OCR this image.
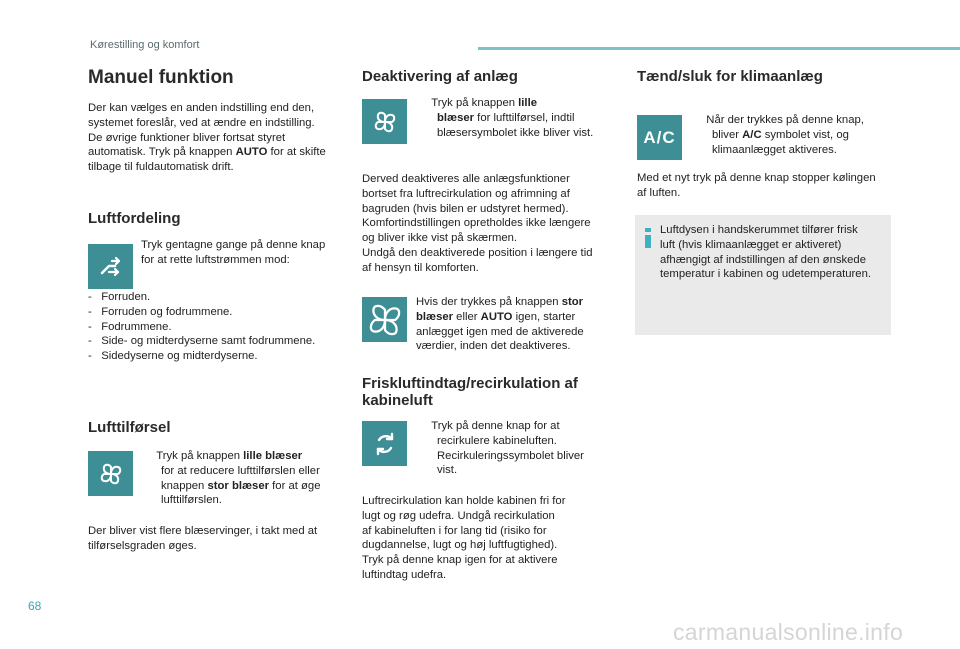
Kørestilling og komfort
Manuel funktion
Der kan vælges en anden indstilling end den,
systemet foreslår, ved at ændre en indstilling.
De øvrige funktioner bliver fortsat styret
automatisk. Tryk på knappen AUTO for at skifte
tilbage til fuldautomatisk drift.
Luftfordeling
Tryk gentagne gange på denne knap
for at rette luftstrømmen mod:
- Forruden.
- Forruden og fodrummene.
- Fodrummene.
- Side- og midterdyserne samt fodrummene.
- Sidedyserne og midterdyserne.
Lufttilførsel
Tryk på knappen lille blæser
for at reducere lufttilførslen eller
knappen stor blæser for at øge
lufttilførslen.
Der bliver vist flere blæservinger, i takt med at
tilførselsgraden øges.
Deaktivering af anlæg
Tryk på knappen lille
blæser for lufttilførsel, indtil
blæsersymbolet ikke bliver vist.
Derved deaktiveres alle anlægsfunktioner
bortset fra luftrecirkulation og afrimning af
bagruden (hvis bilen er udstyret hermed).
Komfortindstillingen opretholdes ikke længere
og bliver ikke vist på skærmen.
Undgå den deaktiverede position i længere tid
af hensyn til komforten.
Hvis der trykkes på knappen stor
blæser eller AUTO igen, starter
anlægget igen med de aktiverede
værdier, inden det deaktiveres.
Friskluftindtag/recirkulation af
kabineluft
Tryk på denne knap for at
recirkulere kabineluften.
Recirkuleringssymbolet bliver
vist.
Luftrecirkulation kan holde kabinen fri for
lugt og røg udefra. Undgå recirkulation
af kabineluften i for lang tid (risiko for
dugdannelse, lugt og høj luftfugtighed).
Tryk på denne knap igen for at aktivere
luftindtag udefra.
Tænd/sluk for klimaanlæg
A/C
Når der trykkes på denne knap,
bliver A/C symbolet vist, og
klimaanlægget aktiveres.
Med et nyt tryk på denne knap stopper kølingen
af luften.
Luftdysen i handskerummet tilfører frisk
luft (hvis klimaanlægget er aktiveret)
afhængigt af indstillingen af den ønskede
temperatur i kabinen og udetemperaturen.
68
carmanualsonline.info
